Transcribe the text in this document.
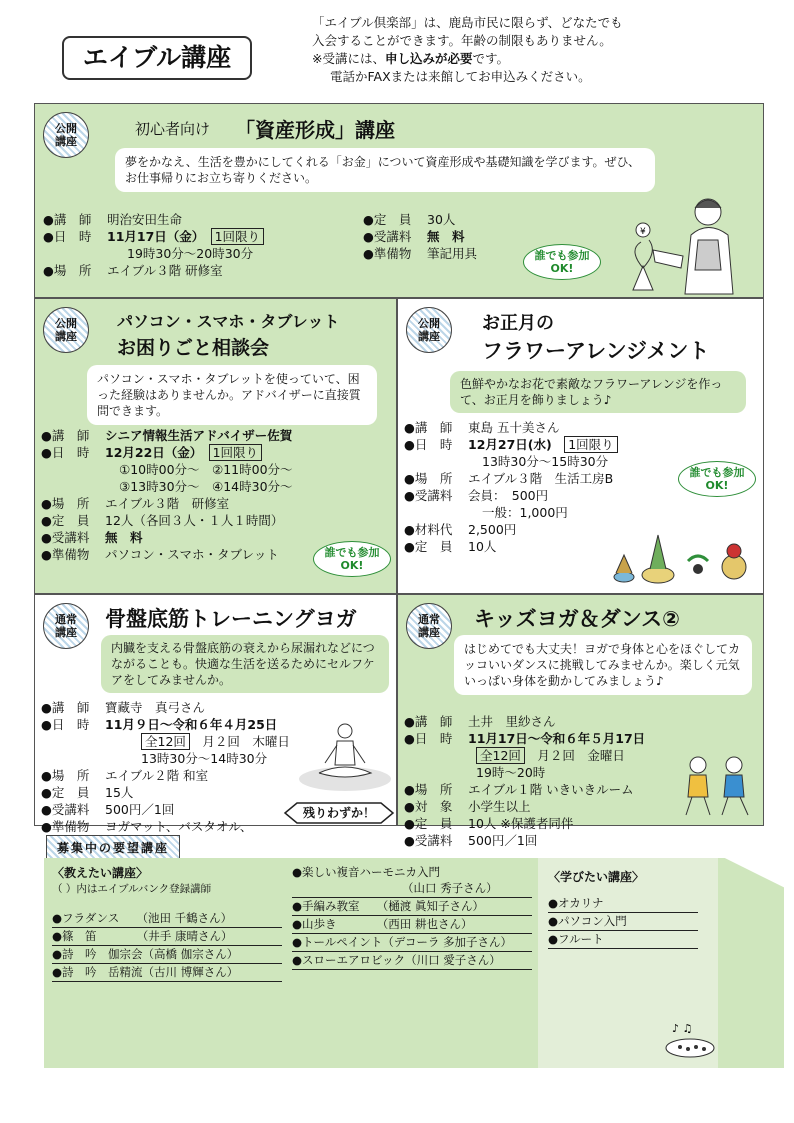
エイブル講座
「エイブル倶楽部」は、鹿島市民に限らず、どなたでも
入会することができます。年齢の制限もありません。
※受講には、申し込みが必要です。
電話かFAXまたは来館してお申込みください。
公開講座
初心者向け 「資産形成」講座
夢をかなえ、生活を豊かにしてくれる「お金」について資産形成や基礎知識を学びます。ぜひ、お仕事帰りにお立ち寄りください。
●講　師 明治安田生命
●日　時 11月17日（金）　 1回限り
19時30分～20時30分
●場　所 エイブル３階 研修室
●定　員 30人
●受講料 無　料
●準備物 筆記用具	誰でも参加OK!
¥
公開講座
パソコン・スマホ・タブレット
お困りごと相談会
パソコン・スマホ・タブレットを使っていて、困った経験はありませんか。アドバイザーに直接質問できます。
●講　師 シニア情報生活アドバイザー佐賀
●日　時 12月22日（金）　 1回限り
①10時00分～　②11時00分～
③13時30分～　④14時30分～
●場　所 エイブル３階　研修室
●定　員 12人（各回３人・１人１時間）
●受講料 無　料
●準備物 パソコン・スマホ・タブレット	誰でも参加OK!
公開講座
お正月の
フラワーアレンジメント
色鮮やかなお花で素敵なフラワーアレンジを作って、お正月を飾りましょう♪
●講　師 東島 五十美さん
●日　時 12月27日(水)　 1回限り
13時30分～15時30分
●場　所 エイブル３階　生活工房B
●受講料 会員：　500円
一般：1,000円
●材料代 2,500円
●定　員 10人
誰でも参加OK!
通常講座
骨盤底筋トレーニングヨガ
内臓を支える骨盤底筋の衰えから尿漏れなどにつながることも。快適な生活を送るためにセルフケアをしてみませんか。
●講　師 寶藏寺　真弓さん
●日　時 11月９日～令和６年４月25日
全12回　 月２回　木曜日
13時30分～14時30分
●場　所 エイブル２階 和室
●定　員 15人
●受講料 500円／1回
●準備物 ヨガマット、バスタオル、
残りわずか！
通常講座
キッズヨガ＆ダンス②
はじめてでも大丈夫！ヨガで身体と心をほぐしてカッコいいダンスに挑戦してみませんか。楽しく元気いっぱい身体を動かしてみましょう♪
●講　師 土井　里紗さん
●日　時 11月17日～令和６年５月17日
全12回　 月２回　金曜日
19時～20時
●場　所 エイブル１階 いきいきルーム
●対　象 小学生以上
●定　員 10人 ※保護者同伴
●受講料 500円／1回
募集中の要望講座
〈教えたい講座〉
（ ）内はエイブルバンク登録講師
●フラダンス　　（池田 千鶴さん）
●篠　笛　　　　（井手 康晴さん）
●詩　吟　伽宗会（高橋 伽宗さん）
●詩　吟　岳精流（古川 博輝さん）
●楽しい複音ハーモニカ入門
（山口 秀子さん）
●手編み教室　　（樋渡 眞知子さん）
●山歩き　　　　（西田 耕也さん）
●トールペイント（デコーラ 多加子さん）
●スローエアロビック（川口 愛子さん）
〈学びたい講座〉
●オカリナ
●パソコン入門
●フルート
♪ ♫
